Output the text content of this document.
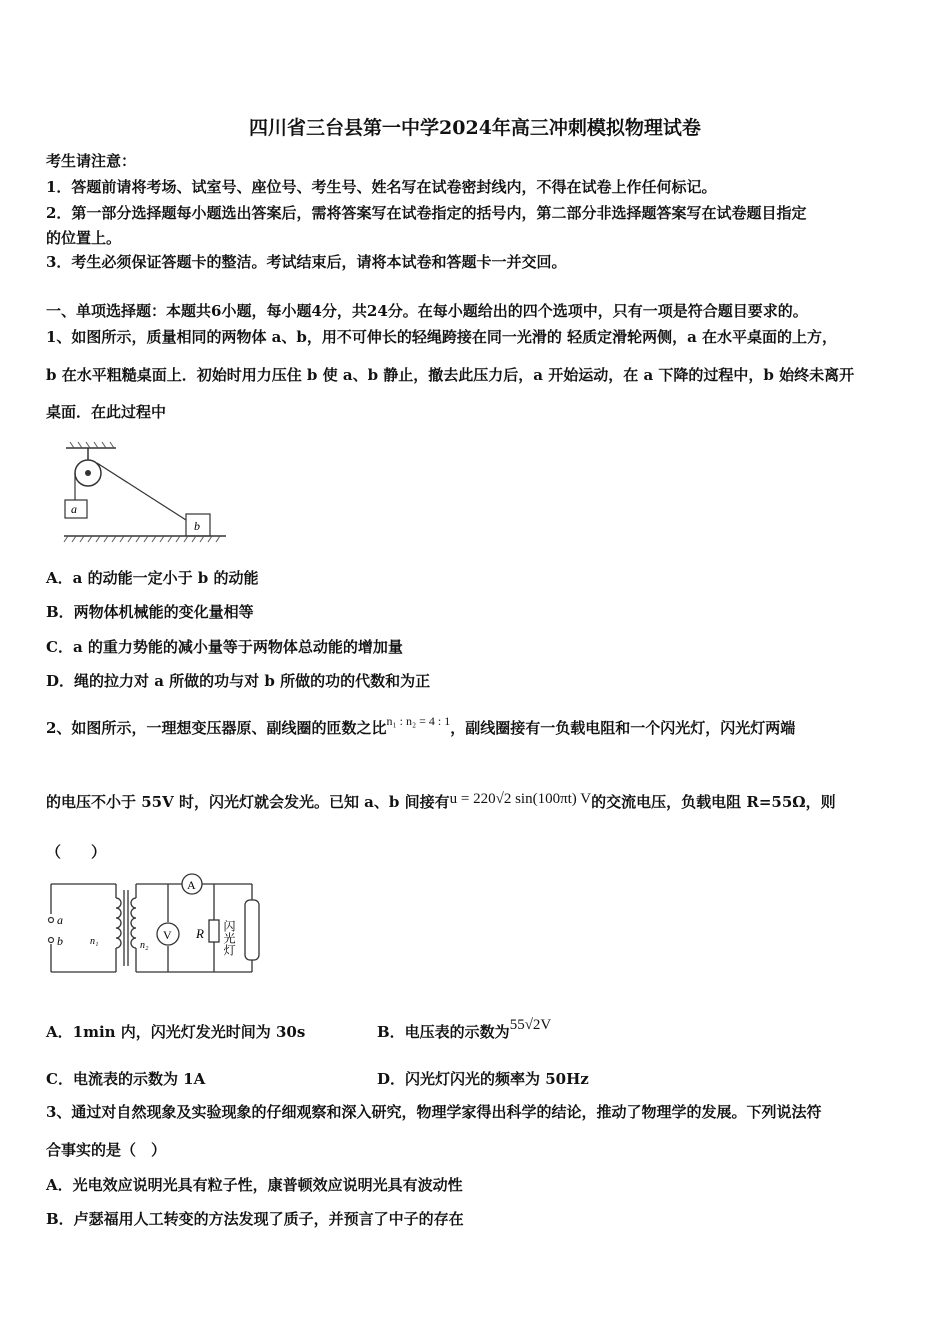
四川省三台县第一中学2024年高三冲刺模拟物理试卷
考生请注意：
1．答题前请将考场、试室号、座位号、考生号、姓名写在试卷密封线内，不得在试卷上作任何标记。
2．第一部分选择题每小题选出答案后，需将答案写在试卷指定的括号内，第二部分非选择题答案写在试卷题目指定
的位置上。
3．考生必须保证答题卡的整洁。考试结束后，请将本试卷和答题卡一并交回。
一、单项选择题：本题共6小题，每小题4分，共24分。在每小题给出的四个选项中，只有一项是符合题目要求的。
1、如图所示，质量相同的两物体 a、b，用不可伸长的轻绳跨接在同一光滑的 轻质定滑轮两侧，a 在水平桌面的上方，
b 在水平粗糙桌面上．初始时用力压住 b 使 a、b 静止，撤去此压力后，a 开始运动，在 a 下降的过程中，b 始终未离开
桌面．在此过程中
a
b
A．a 的动能一定小于 b 的动能
B．两物体机械能的变化量相等
C．a 的重力势能的减小量等于两物体总动能的增加量
D．绳的拉力对 a 所做的功与对 b 所做的功的代数和为正
2、如图所示，一理想变压器原、副线圈的匝数之比$^{n_1 : n_2 = 4 : 1}$，副线圈接有一负载电阻和一个闪光灯，闪光灯两端
的电压不小于 55V 时，闪光灯就会发光。已知 a、b 间接有u = 220√2 sin(100πt) V的交流电压，负载电阻 R=55Ω，则
（　　）
a
b	n₁	n₂
A
V R 闪光灯
A．1min 内，闪光灯发光时间为 30s	B．电压表的示数为55√2V
C．电流表的示数为 1A	D．闪光灯闪光的频率为 50Hz
3、通过对自然现象及实验现象的仔细观察和深入研究，物理学家得出科学的结论，推动了物理学的发展。下列说法符
合事实的是（　）
A．光电效应说明光具有粒子性，康普顿效应说明光具有波动性
B．卢瑟福用人工转变的方法发现了质子，并预言了中子的存在
